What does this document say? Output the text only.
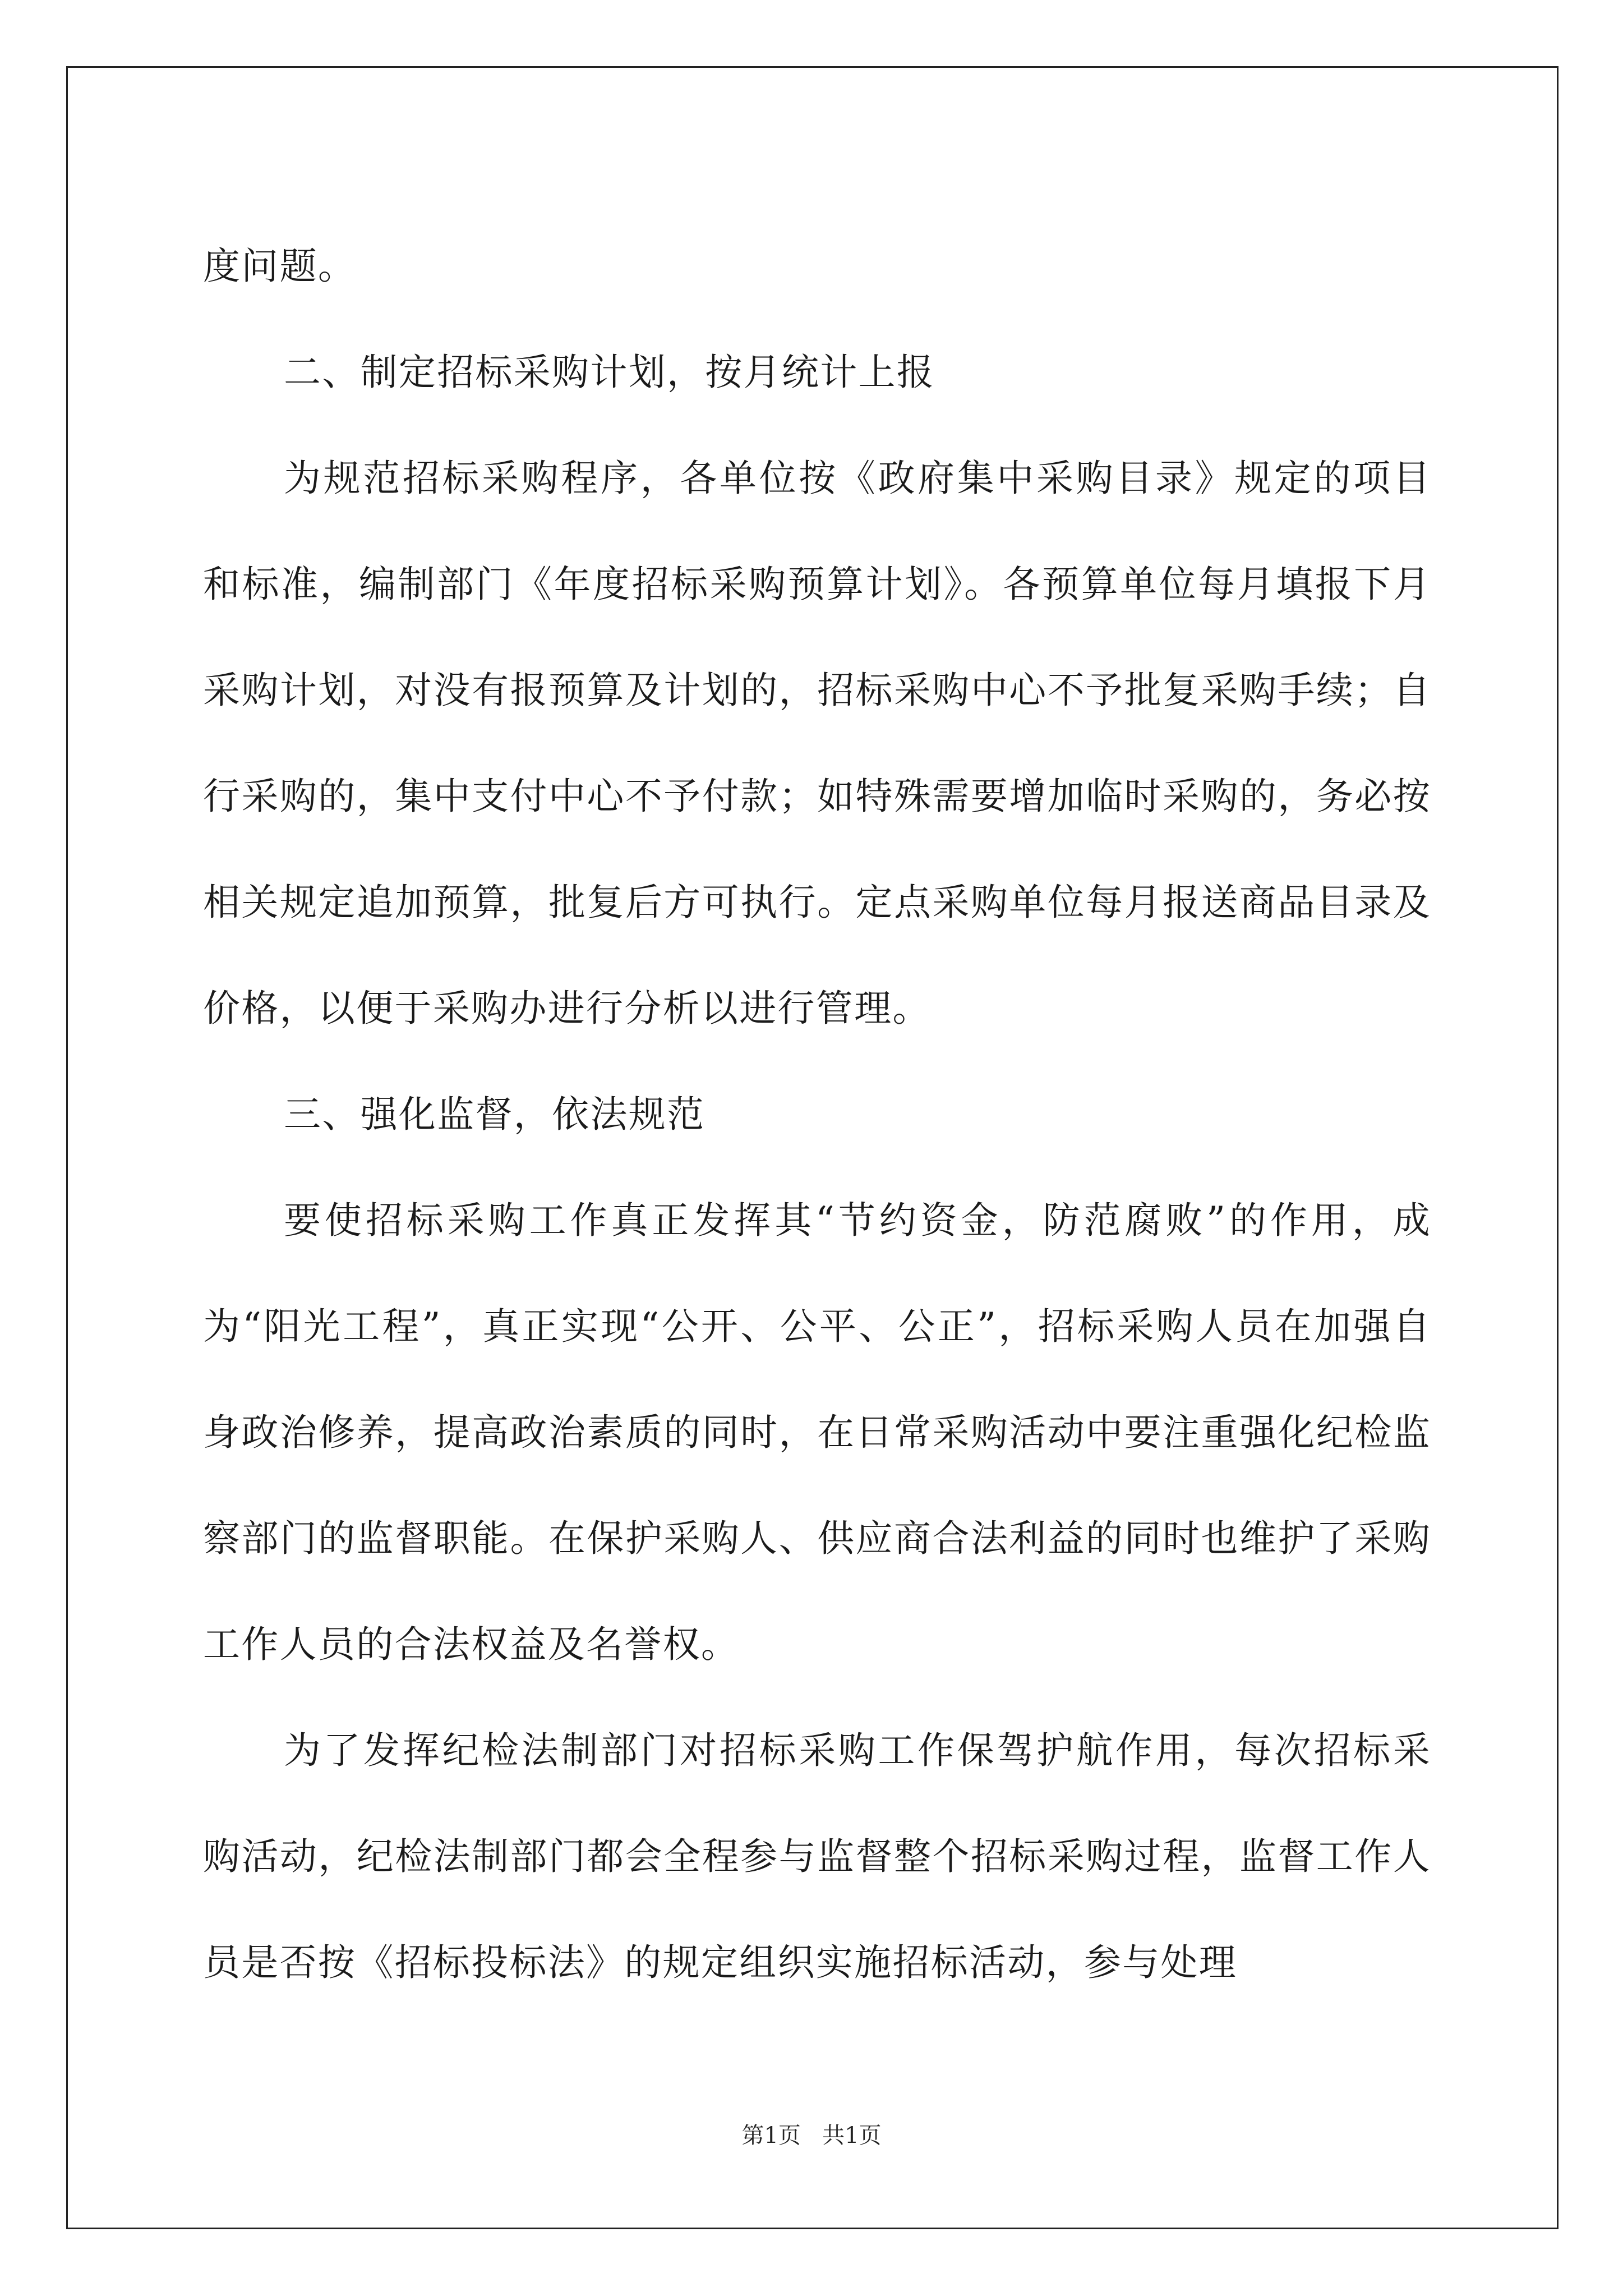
度问题。

二、制定招标采购计划，按月统计上报

为规范招标采购程序，各单位按《政府集中采购目录》规定的项目和标准，编制部门《年度招标采购预算计划》。各预算单位每月填报下月采购计划，对没有报预算及计划的，招标采购中心不予批复采购手续；自行采购的，集中支付中心不予付款；如特殊需要增加临时采购的，务必按相关规定追加预算，批复后方可执行。定点采购单位每月报送商品目录及价格，以便于采购办进行分析以进行管理。

三、强化监督，依法规范

要使招标采购工作真正发挥其“节约资金，防范腐败”的作用，成为“阳光工程”，真正实现“公开、公平、公正”，招标采购人员在加强自身政治修养，提高政治素质的同时，在日常采购活动中要注重强化纪检监察部门的监督职能。在保护采购人、供应商合法利益的同时也维护了采购工作人员的合法权益及名誉权。

为了发挥纪检法制部门对招标采购工作保驾护航作用，每次招标采购活动，纪检法制部门都会全程参与监督整个招标采购过程，监督工作人员是否按《招标投标法》的规定组织实施招标活动，参与处理

第1页 共1页
